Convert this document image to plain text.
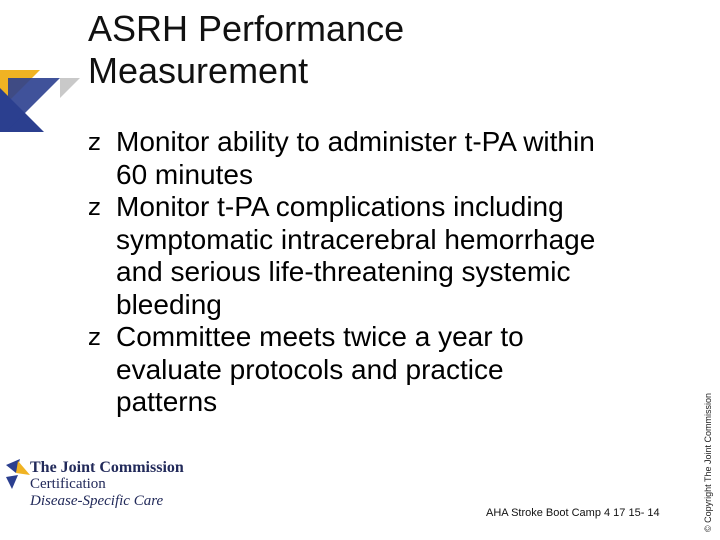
ASRH Performance
Measurement
z Monitor ability to administer t-PA within
60 minutes
z Monitor t-PA complications including
symptomatic intracerebral hemorrhage
and serious life-threatening systemic
bleeding
z Committee meets twice a year to
evaluate protocols and practice
patterns	© Copyright The Joint Commission
AHA Stroke Boot Camp 4 17 15- 14
The Joint Commission
Certification
Disease-Specific Care
